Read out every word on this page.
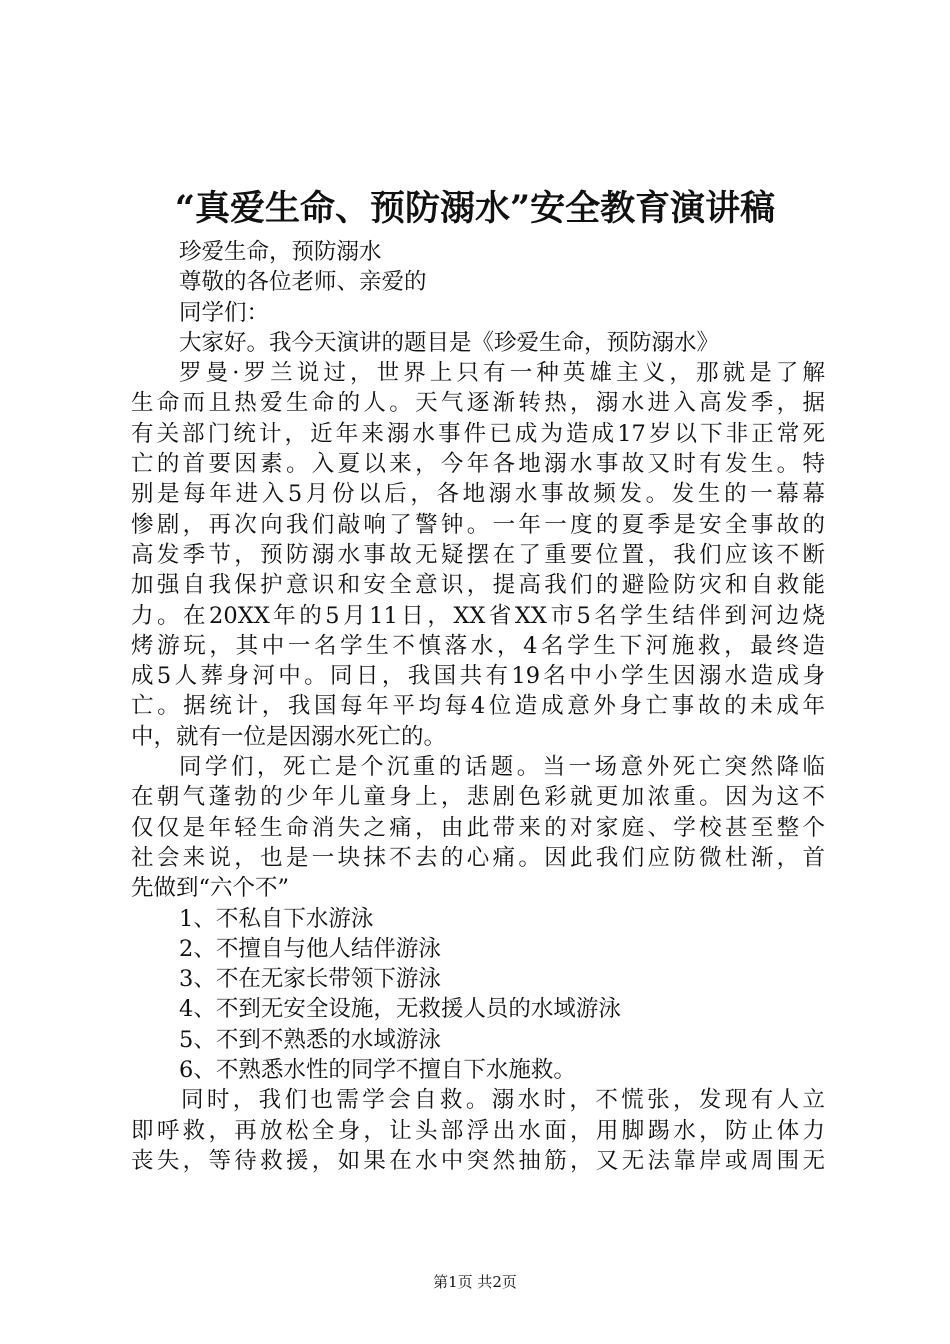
“真爱生命、预防溺水”安全教育演讲稿
珍爱生命，预防溺水
尊敬的各位老师、亲爱的
同学们：
大家好。我今天演讲的题目是《珍爱生命，预防溺水》
罗曼·罗兰说过，世界上只有一种英雄主义，那就是了解
生命而且热爱生命的人。天气逐渐转热，溺水进入高发季，据
有关部门统计，近年来溺水事件已成为造成17岁以下非正常死
亡的首要因素。入夏以来，今年各地溺水事故又时有发生。特
别是每年进入5月份以后，各地溺水事故频发。发生的一幕幕
惨剧，再次向我们敲响了警钟。一年一度的夏季是安全事故的
高发季节，预防溺水事故无疑摆在了重要位置，我们应该不断
加强自我保护意识和安全意识，提高我们的避险防灾和自救能
力。在20XX年的5月11日，XX省XX市5名学生结伴到河边烧
烤游玩，其中一名学生不慎落水，4名学生下河施救，最终造
成5人葬身河中。同日，我国共有19名中小学生因溺水造成身
亡。据统计，我国每年平均每4位造成意外身亡事故的未成年
中，就有一位是因溺水死亡的。
同学们，死亡是个沉重的话题。当一场意外死亡突然降临
在朝气蓬勃的少年儿童身上，悲剧色彩就更加浓重。因为这不
仅仅是年轻生命消失之痛，由此带来的对家庭、学校甚至整个
社会来说，也是一块抹不去的心痛。因此我们应防微杜渐，首
先做到“六个不”
1、不私自下水游泳
2、不擅自与他人结伴游泳
3、不在无家长带领下游泳
4、不到无安全设施，无救援人员的水域游泳
5、不到不熟悉的水域游泳
6、不熟悉水性的同学不擅自下水施救。
同时，我们也需学会自救。溺水时，不慌张，发现有人立
即呼救，再放松全身，让头部浮出水面，用脚踢水，防止体力
丧失，等待救援，如果在水中突然抽筋，又无法靠岸或周围无
第1页 共2页
